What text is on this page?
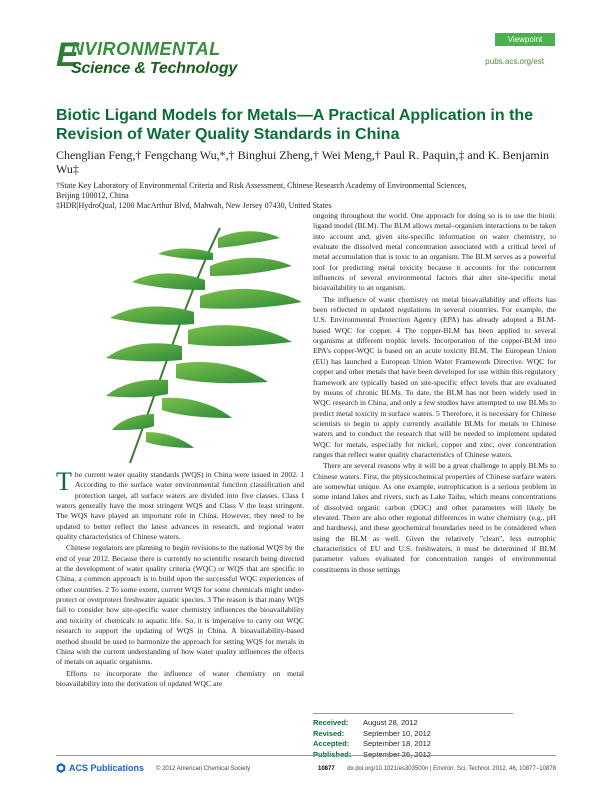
E
NVIRONMENTAL
Science & Technology
Viewpoint
pubs.acs.org/est
Biotic Ligand Models for Metals—A Practical Application in the Revision of Water Quality Standards in China
Chenglian Feng,† Fengchang Wu,*,† Binghui Zheng,† Wei Meng,† Paul R. Paquin,‡ and K. Benjamin Wu‡
†State Key Laboratory of Environmental Criteria and Risk Assessment, Chinese Research Academy of Environmental Sciences, Beijing 100012, China
‡HDR|HydroQual, 1200 MacArthur Blvd, Mahwah, New Jersey 07430, United States

The current water quality standards (WQS) in China were issued in 2002. 1 According to the surface water environmental function classification and protection target, all surface waters are divided into five classes. Class I waters generally have the most stringent WQS and Class V the least stringent. The WQS have played an important role in China. However, they need to be updated to better reflect the latest advances in research, and regional water quality characteristics of Chinese waters.

Chinese regulators are planning to begin revisions to the national WQS by the end of year 2012. Because there is currently no scientific research being directed at the development of water quality criteria (WQC) or WQS that are specific to China, a common approach is to build upon the successful WQC experiences of other countries. 2 To some extent, current WQS for some chemicals might under-protect or overprotect freshwater aquatic species. 3 The reason is that many WQS fail to consider how site-specific water chemistry influences the bioavailability and toxicity of chemicals to aquatic life. So, it is imperative to carry out WQC research to support the updating of WQS in China. A bioavailability-based method should be used to harmonize the approach for setting WQS for metals in China with the current understanding of how water quality influences the effects of metals on aquatic organisms.

Efforts to incorporate the influence of water chemistry on metal bioavailability into the derivation of updated WQC are

ongoing throughout the world. One approach for doing so is to use the biotic ligand model (BLM). The BLM allows metal–organism interactions to be taken into account and, given site-specific information on water chemistry, to evaluate the dissolved metal concentration associated with a critical level of metal accumulation that is toxic to an organism. The BLM serves as a powerful tool for predicting metal toxicity because it accounts for the concurrent influences of several environmental factors that alter site-specific metal bioavailability to an organism.

The influence of water chemistry on metal bioavailability and effects has been reflected in updated regulations in several countries. For example, the U.S. Environmental Protection Agency (EPA) has already adopted a BLM-based WQC for copper. 4 The copper-BLM has been applied to several organisms at different trophic levels. Incorporation of the copper-BLM into EPA's copper-WQC is based on an acute toxicity BLM. The European Union (EU) has launched a European Union Water Framework Directive. WQC for copper and other metals that have been developed for use within this regulatory framework are typically based on site-specific effect levels that are evaluated by means of chronic BLMs. To date, the BLM has not been widely used in WQC research in China, and only a few studies have attempted to use BLMs to predict metal toxicity in surface waters. 5 Therefore, it is necessary for Chinese scientists to begin to apply currently available BLMs for metals to Chinese waters and to conduct the research that will be needed to implement updated WQC for metals, especially for nickel, copper and zinc, over concentration ranges that reflect water quality characteristics of Chinese waters.

There are several reasons why it will be a great challenge to apply BLMs to Chinese waters. First, the physicochemical properties of Chinese surface waters are somewhat unique. As one example, eutrophication is a serious problem in some inland lakes and rivers, such as Lake Taihu, which means concentrations of dissolved organic carbon (DOC) and other parameters will likely be elevated. There are also other regional differences in water chemistry (e.g., pH and hardness), and these geochemical boundaries need to be considered when using the BLM as well. Given the relatively "clean", less eutrophic characteristics of EU and U.S. freshwaters, it must be determined if BLM parameter values evaluated for concentration ranges of environmental constituents in those settings

Received:	August 28, 2012
Revised:	September 10, 2012
Accepted:	September 18, 2012
Published:	September 26, 2012
ACS Publications © 2012 American Chemical Society	10877 dx.doi.org/10.1021/es303500n | Environ. Sci. Technol. 2012, 46, 10877−10878
